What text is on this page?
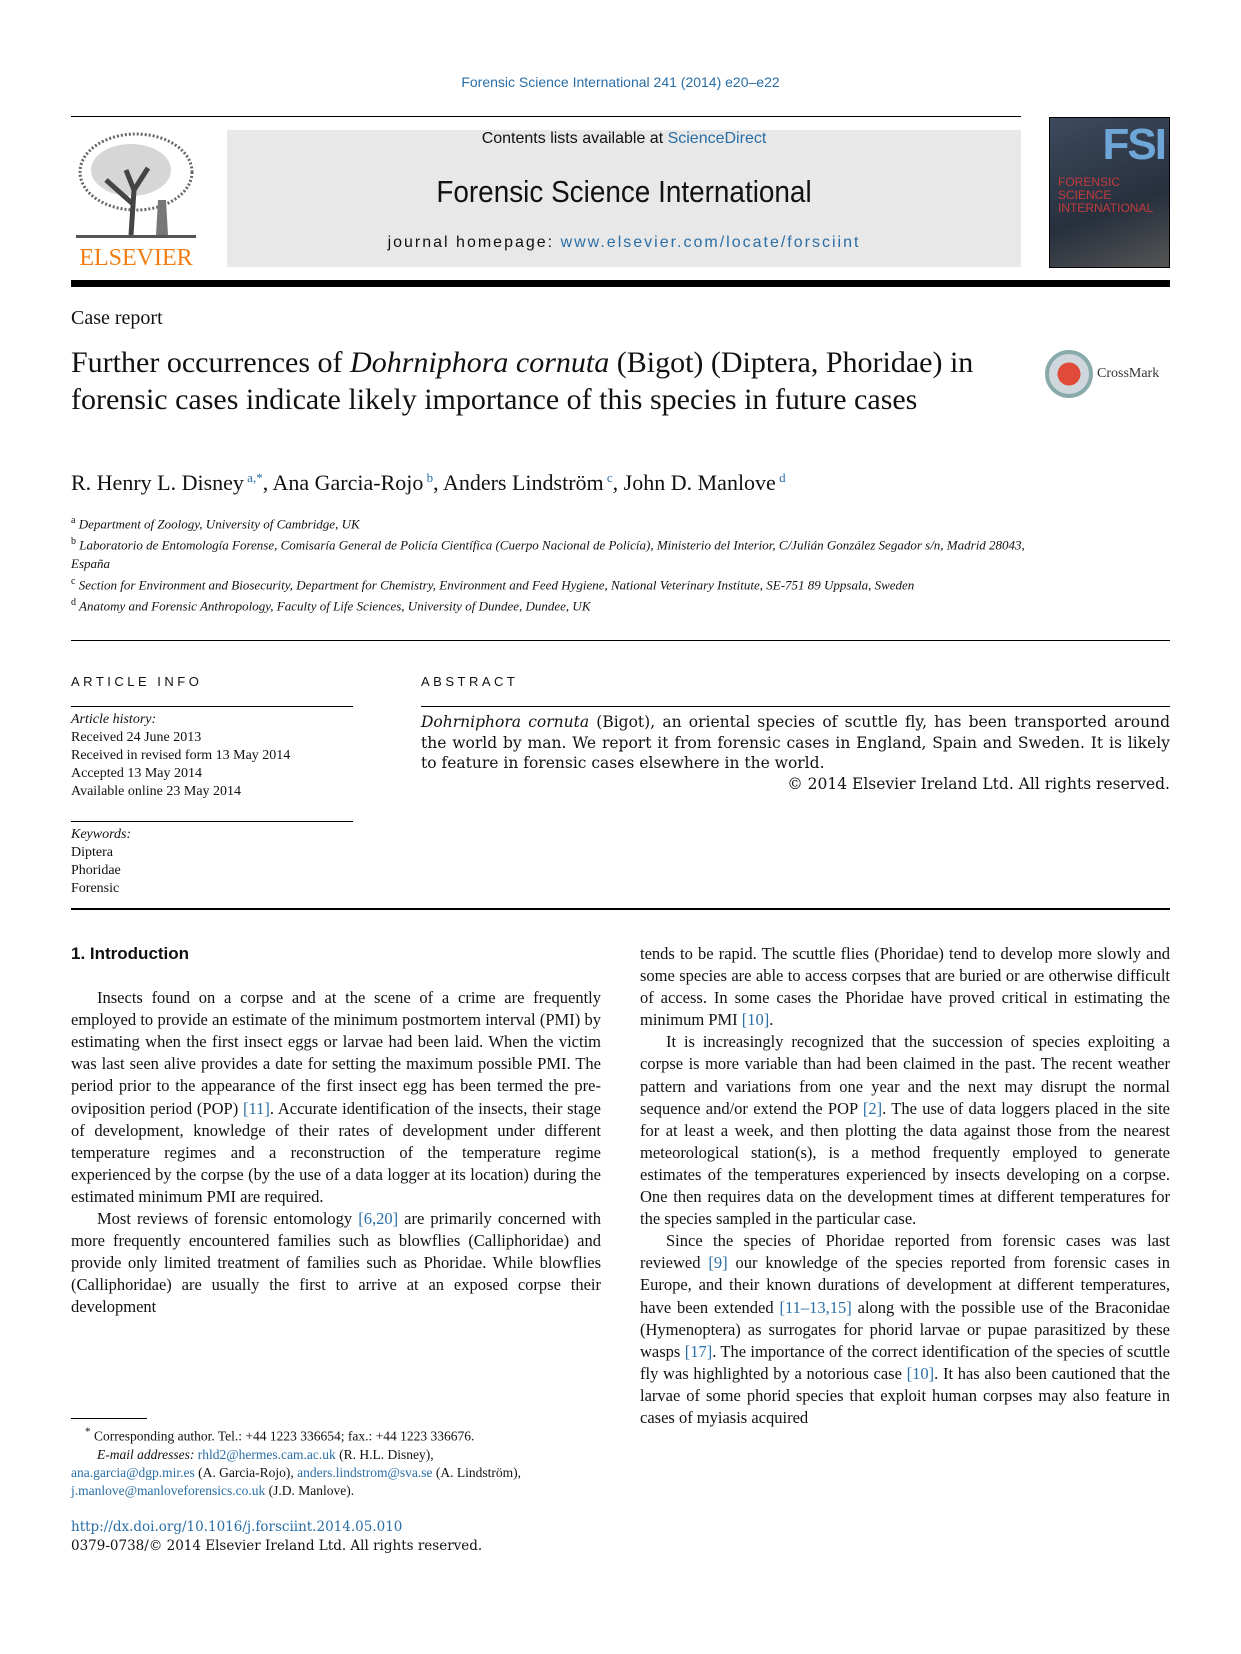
Forensic Science International 241 (2014) e20–e22
ELSEVIER
Contents lists available at ScienceDirect
Forensic Science International
journal homepage: www.elsevier.com/locate/forsciint
FSI
FORENSIC SCIENCE INTERNATIONAL
Case report
Further occurrences of Dohrniphora cornuta (Bigot) (Diptera, Phoridae) in forensic cases indicate likely importance of this species in future cases
CrossMark
R. Henry L. Disney $^{a,*}$, Ana Garcia-Rojo $^b$, Anders Lindström $^c$, John D. Manlove $^d$
$^a$ Department of Zoology, University of Cambridge, UK
$^b$ Laboratorio de Entomología Forense, Comisaría General de Policía Científica (Cuerpo Nacional de Policía), Ministerio del Interior, C/Julián González Segador s/n, Madrid 28043, España
$^c$ Section for Environment and Biosecurity, Department for Chemistry, Environment and Feed Hygiene, National Veterinary Institute, SE-751 89 Uppsala, Sweden
$^d$ Anatomy and Forensic Anthropology, Faculty of Life Sciences, University of Dundee, Dundee, UK
ARTICLE INFO
Article history:
Received 24 June 2013
Received in revised form 13 May 2014
Accepted 13 May 2014
Available online 23 May 2014
Keywords:
Diptera
Phoridae
Forensic
ABSTRACT
Dohrniphora cornuta (Bigot), an oriental species of scuttle fly, has been transported around the world by man. We report it from forensic cases in England, Spain and Sweden. It is likely to feature in forensic cases elsewhere in the world.
© 2014 Elsevier Ireland Ltd. All rights reserved.
1. Introduction

Insects found on a corpse and at the scene of a crime are frequently employed to provide an estimate of the minimum postmortem interval (PMI) by estimating when the first insect eggs or larvae had been laid. When the victim was last seen alive provides a date for setting the maximum possible PMI. The period prior to the appearance of the first insect egg has been termed the pre-oviposition period (POP) [11]. Accurate identification of the insects, their stage of development, knowledge of their rates of development under different temperature regimes and a reconstruction of the temperature regime experienced by the corpse (by the use of a data logger at its location) during the estimated minimum PMI are required.

Most reviews of forensic entomology [6,20] are primarily concerned with more frequently encountered families such as blowflies (Calliphoridae) and provide only limited treatment of families such as Phoridae. While blowflies (Calliphoridae) are usually the first to arrive at an exposed corpse their development

tends to be rapid. The scuttle flies (Phoridae) tend to develop more slowly and some species are able to access corpses that are buried or are otherwise difficult of access. In some cases the Phoridae have proved critical in estimating the minimum PMI [10].

It is increasingly recognized that the succession of species exploiting a corpse is more variable than had been claimed in the past. The recent weather pattern and variations from one year and the next may disrupt the normal sequence and/or extend the POP [2]. The use of data loggers placed in the site for at least a week, and then plotting the data against those from the nearest meteorological station(s), is a method frequently employed to generate estimates of the temperatures experienced by insects developing on a corpse. One then requires data on the development times at different temperatures for the species sampled in the particular case.

Since the species of Phoridae reported from forensic cases was last reviewed [9] our knowledge of the species reported from forensic cases in Europe, and their known durations of development at different temperatures, have been extended [11–13,15] along with the possible use of the Braconidae (Hymenoptera) as surrogates for phorid larvae or pupae parasitized by these wasps [17]. The importance of the correct identification of the species of scuttle fly was highlighted by a notorious case [10]. It has also been cautioned that the larvae of some phorid species that exploit human corpses may also feature in cases of myiasis acquired

* Corresponding author. Tel.: +44 1223 336654; fax.: +44 1223 336676.
E-mail addresses: rhld2@hermes.cam.ac.uk (R. H.L. Disney),
ana.garcia@dgp.mir.es (A. Garcia-Rojo), anders.lindstrom@sva.se (A. Lindström),
j.manlove@manloveforensics.co.uk (J.D. Manlove).
http://dx.doi.org/10.1016/j.forsciint.2014.05.010
0379-0738/© 2014 Elsevier Ireland Ltd. All rights reserved.
